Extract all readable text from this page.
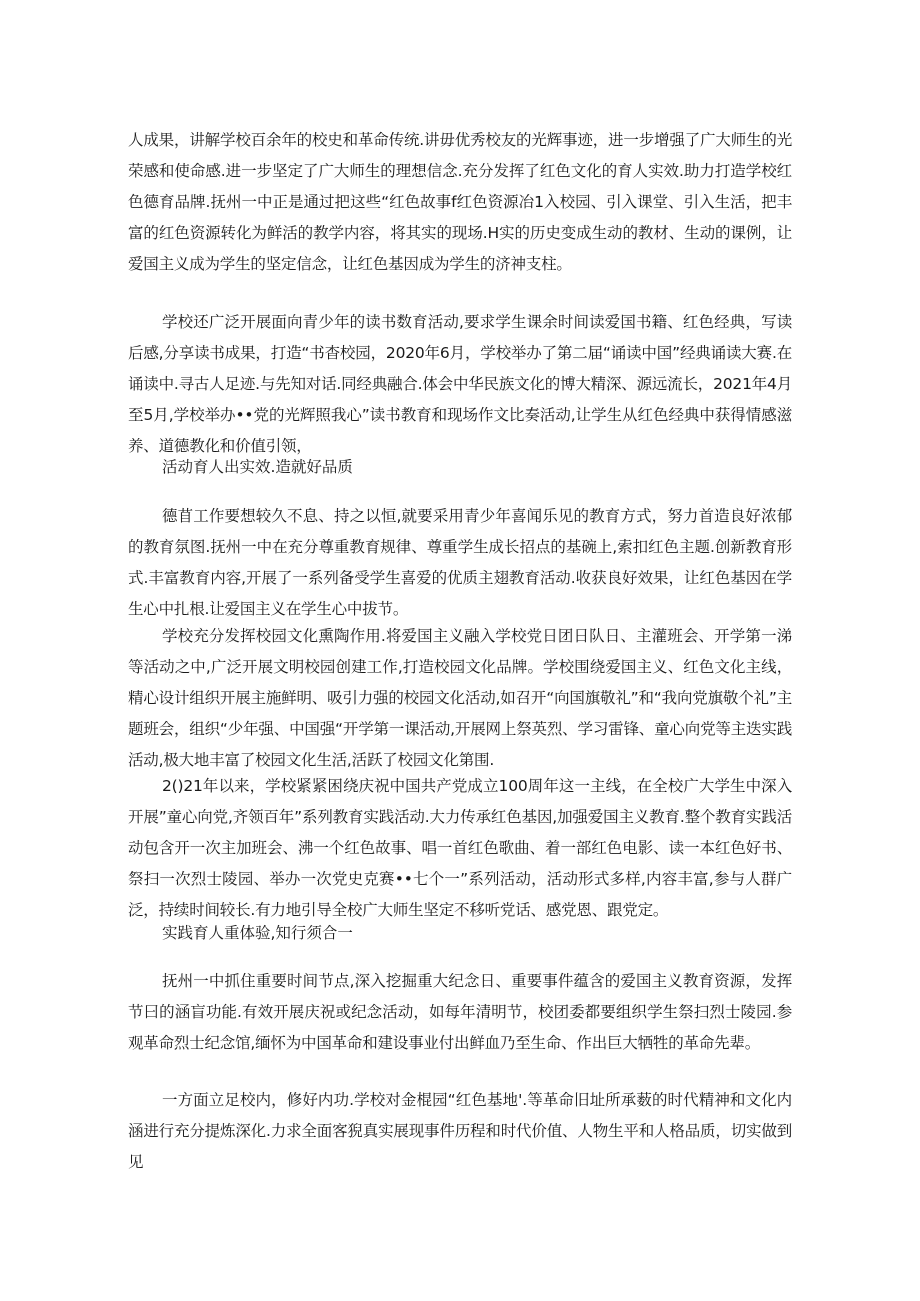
人成果，讲解学校百余年的校史和革命传统.讲毋优秀校友的光辉事迹，进一步增强了广大师生的光荣感和使命感.进一步坚定了广大师生的理想信念.充分发挥了红色文化的育人实效.助力打造学校红色德育品牌.抚州一中正是通过把这些“红色故事f红色资源冶1入校园、引入课堂、引入生活，把丰富的红色资源转化为鲜活的教学内容，将其实的现场.H实的历史变成生动的教材、生动的课例，让爱国主义成为学生的坚定信念，让红色基因成为学生的济神支柱。

学校还广泛开展面向青少年的读书数育活动,要求学生课余时间读爱国书籍、红色经典，写读后感,分享读书成果，打造“书杳校园，2020年6月，学校举办了第二届“诵读中国”经典诵读大赛.在诵读中.寻古人足迹.与先知对话.同经典融合.体会中华民族文化的博大精深、源远流长，2021年4月至5月,学校举办••党的光辉照我心”读书教育和现场作文比奏活动,让学生从红色经典中获得情感滋养、道德教化和价值引领，

活动育人出实效.造就好品质

德苜工作要想较久不息、持之以恒,就要采用青少年喜闻乐见的教育方式，努力首造良好浓郁的教育氛图.抚州一中在充分尊重教育规律、尊重学生成长招点的基碗上,索扣红色主题.创新教育形式.丰富教育内容,开展了一系列备受学生喜爱的优质主翅教育活动.收获良好效果，让红色基因在学生心中扎根.让爱国主义在学生心中拔节。

学校充分发挥校园文化熏陶作用.将爱国主义融入学校党日团日队日、主灌班会、开学第一涕等活动之中,广泛开展文明校园创建工作,打造校园文化品牌。学校围绕爱国主义、红色文化主线，精心设计组织开展主施鲜明、吸引力强的校园文化活动,如召开“向国旗敬礼”和“我向党旗敬个礼”主题班会，组织“少年强、中国强“开学第一课活动,开展网上祭英烈、学习雷锋、童心向党等主迭实践活动,极大地丰富了校园文化生活,活跃了校园文化第围.

2()21年以来，学校紧紧困绕庆祝中国共产党成立100周年这一主线，在全校广大学生中深入开展”童心向党,齐领百年”系列教育实践活动.大力传承红色基因,加强爱国主义教育.整个教育实践活动包含开一次主加班会、沸一个红色故事、唱一首红色歌曲、着一部红色电影、读一本红色好书、祭扫一次烈士陵园、举办一次党史克赛••七个一”系列活动，活动形式多样,内容丰富,参与人群广泛，持续时间较长.有力地引导全校广大师生坚定不移听党话、感党恩、跟党定。

实践育人重体验,知行须合一

抚州一中抓住重要时间节点,深入挖掘重大纪念日、重要事件蕴含的爱国主义教育资源，发挥节曰的涵盲功能.有效开展庆祝或纪念活动，如每年清明节，校团委都要组织学生祭扫烈士陵园.参观革命烈士纪念馆,缅怀为中国革命和建设事业付出鲜血乃至生命、作出巨大牺牲的革命先辈。

一方面立足校内，修好内功.学校对金棍园“红色基地'.等革命旧址所承薮的时代精神和文化内涵进行充分提炼深化.力求全面客猊真实展现事件历程和时代价值、人物生平和人格品质，切实做到见
